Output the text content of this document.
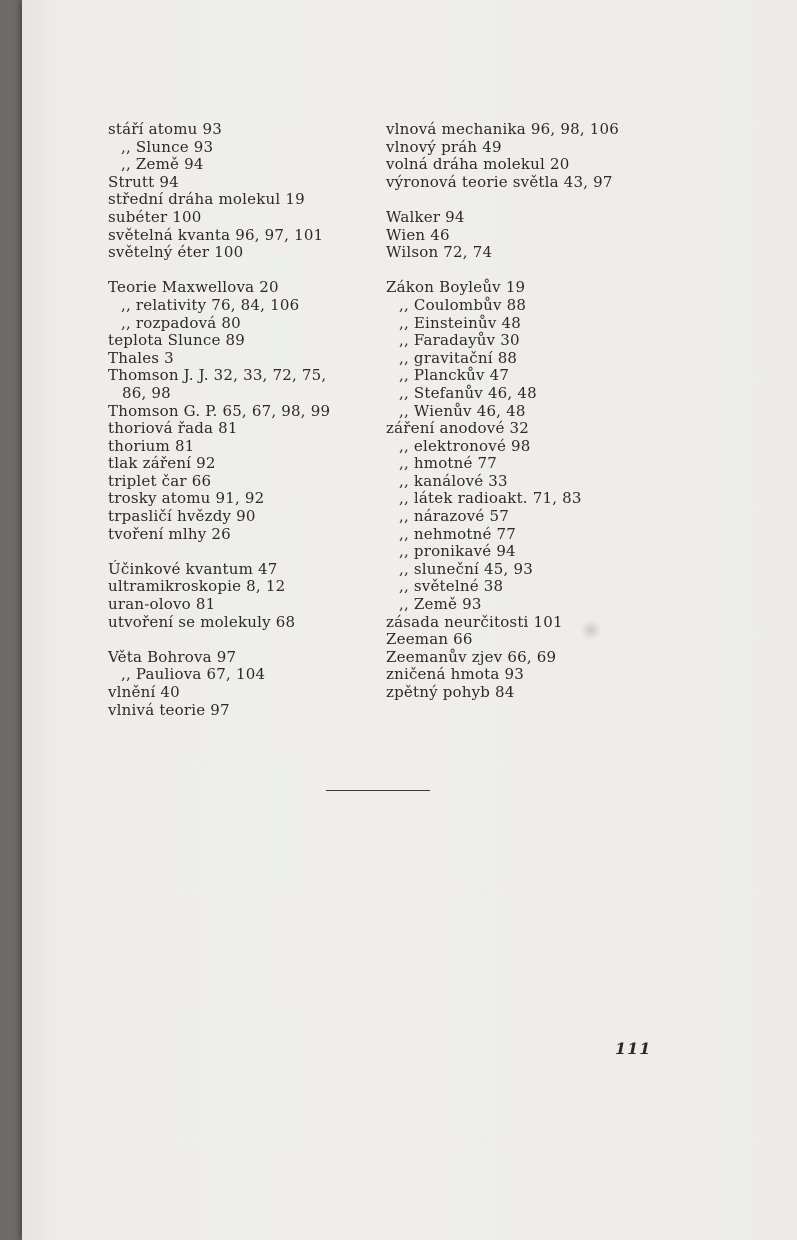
stáří atomu 93
,, Slunce 93
,, Země 94
Strutt 94
střední dráha molekul 19
subéter 100
světelná kvanta 96, 97, 101
světelný éter 100
Teorie Maxwellova 20
,, relativity 76, 84, 106
,, rozpadová 80
teplota Slunce 89
Thales 3
Thomson J. J. 32, 33, 72, 75,
86, 98
Thomson G. P. 65, 67, 98, 99
thoriová řada 81
thorium 81
tlak záření 92
triplet čar 66
trosky atomu 91, 92
trpasličí hvězdy 90
tvoření mlhy 26
Účinkové kvantum 47
ultramikroskopie 8, 12
uran-olovo 81
utvoření se molekuly 68
Věta Bohrova 97
,, Pauliova 67, 104
vlnění 40
vlnivá teorie 97
vlnová mechanika 96, 98, 106
vlnový práh 49
volná dráha molekul 20
výronová teorie světla 43, 97
Walker 94
Wien 46
Wilson 72, 74
Zákon Boyleův 19
,, Coulombův 88
,, Einsteinův 48
,, Faradayův 30
,, gravitační 88
,, Planckův 47
,, Stefanův 46, 48
,, Wienův 46, 48
záření anodové 32
,, elektronové 98
,, hmotné 77
,, kanálové 33
,, látek radioakt. 71, 83
,, nárazové 57
,, nehmotné 77
,, pronikavé 94
,, sluneční 45, 93
,, světelné 38
,, Země 93
zásada neurčitosti 101
Zeeman 66
Zeemanův zjev 66, 69
zničená hmota 93
zpětný pohyb 84
111
